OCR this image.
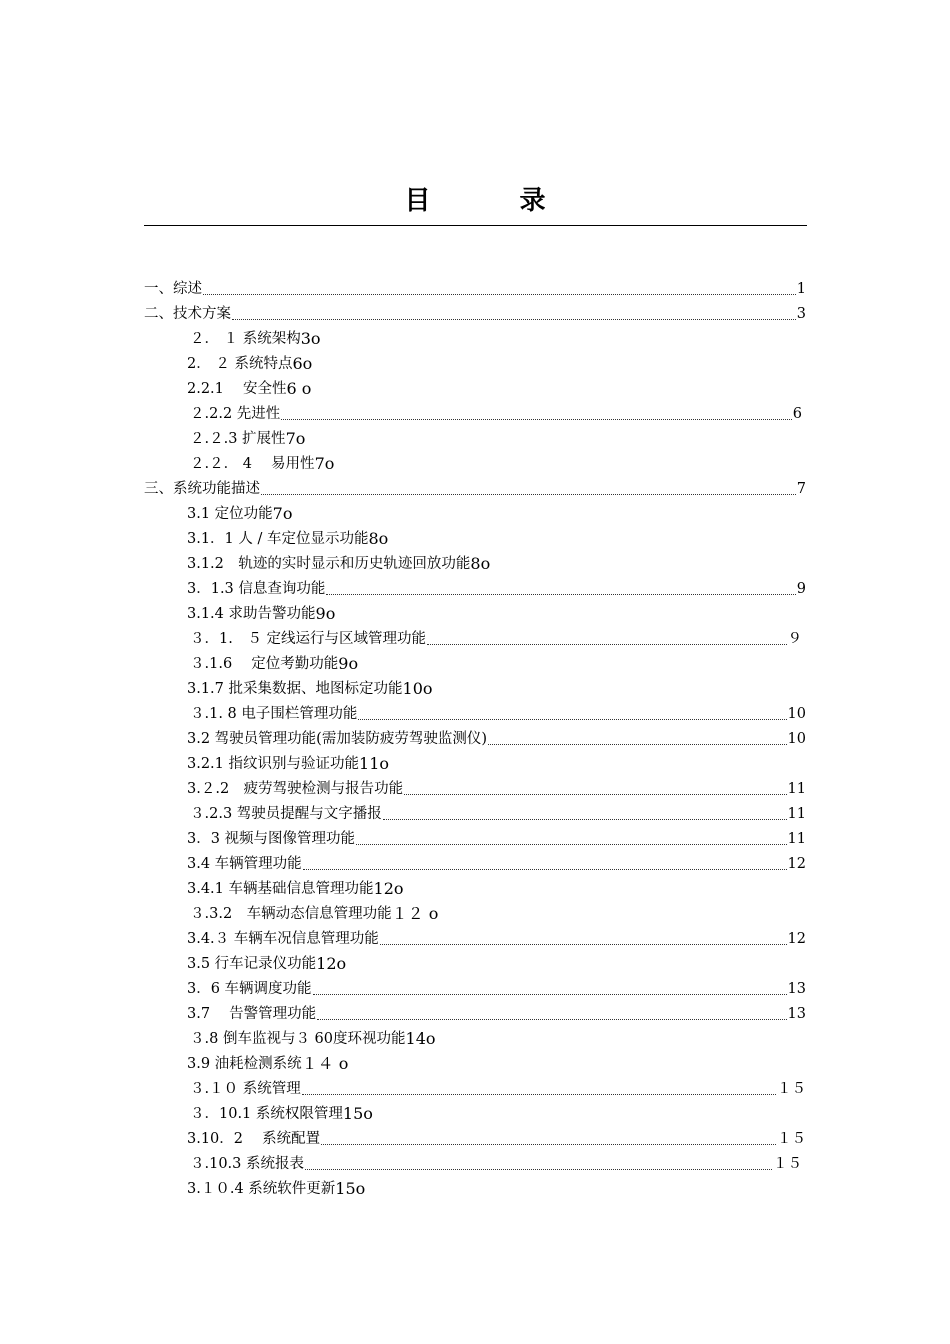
目 录
一、综述	1
二、技术方案	3
２． １ 系统架构 3o
2． ２ 系统特点 6o
2.2.1　 安全性 6 o
２.2.2 先进性	6
２.２.3 扩展性 7o
２.２． 4　 易用性 7o
三、系统功能描述	7
3.1 定位功能 7o
3.1．1 人 / 车定位显示功能 8o
3.1.2　轨迹的实时显示和历史轨迹回放功能 8o
3．1.3 信息查询功能	9
3.1.4 求助告警功能 9o
３．1.　５ 定线运行与区域管理功能	９
３.1.6　 定位考勤功能 9o
3.1.7 批采集数据、地图标定功能 10o
３.1. 8 电子围栏管理功能	10
3.2 驾驶员管理功能(需加装防疲劳驾驶监测仪)	10
3.2.1 指纹识别与验证功能 11o
3.２.2　疲劳驾驶检测与报告功能	11
３.2.3 驾驶员提醒与文字播报	11
3．3 视频与图像管理功能	11
3.4 车辆管理功能	12
3.4.1 车辆基础信息管理功能 12o
３.3.2　车辆动态信息管理功能 １２ o
3.4.３ 车辆车况信息管理功能	12
3.5 行车记录仪功能 12o
3．6 车辆调度功能	13
3.7　 告警管理功能	13
３.8 倒车监视与３ 60度环视功能 14o
3.9 油耗检测系统 １４ o
３.１０ 系统管理	１５
３．10.1 系统权限管理 15o
3.10．2　 系统配置	１５
３.10.3 系统报表	１５
3.１０.4 系统软件更新 15o
